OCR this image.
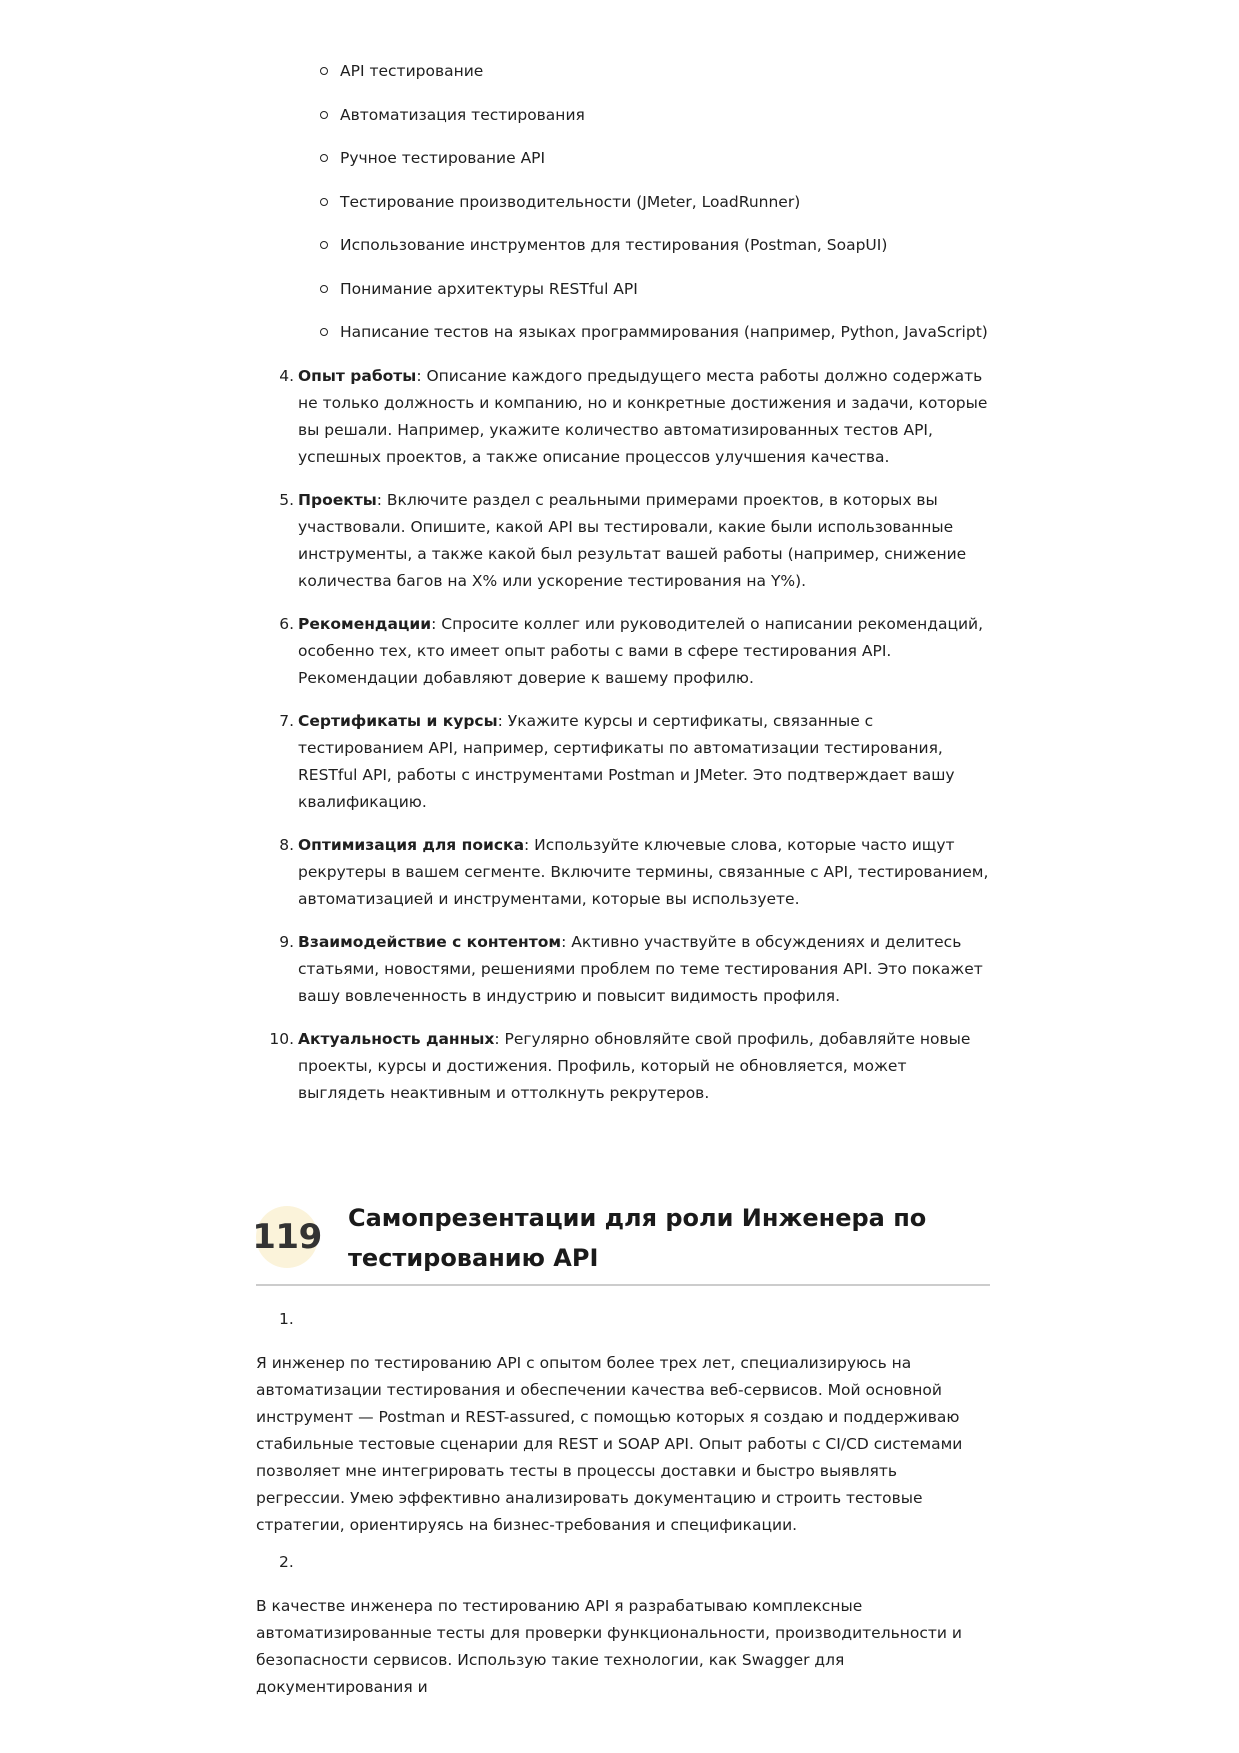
API тестирование
Автоматизация тестирования
Ручное тестирование API
Тестирование производительности (JMeter, LoadRunner)
Использование инструментов для тестирования (Postman, SoapUI)
Понимание архитектуры RESTful API
Написание тестов на языках программирования (например, Python, JavaScript)
4. Опыт работы: Описание каждого предыдущего места работы должно содержать не только должность и компанию, но и конкретные достижения и задачи, которые вы решали. Например, укажите количество автоматизированных тестов API, успешных проектов, а также описание процессов улучшения качества.
5. Проекты: Включите раздел с реальными примерами проектов, в которых вы участвовали. Опишите, какой API вы тестировали, какие были использованные инструменты, а также какой был результат вашей работы (например, снижение количества багов на X% или ускорение тестирования на Y%).
6. Рекомендации: Спросите коллег или руководителей о написании рекомендаций, особенно тех, кто имеет опыт работы с вами в сфере тестирования API. Рекомендации добавляют доверие к вашему профилю.
7. Сертификаты и курсы: Укажите курсы и сертификаты, связанные с тестированием API, например, сертификаты по автоматизации тестирования, RESTful API, работы с инструментами Postman и JMeter. Это подтверждает вашу квалификацию.
8. Оптимизация для поиска: Используйте ключевые слова, которые часто ищут рекрутеры в вашем сегменте. Включите термины, связанные с API, тестированием, автоматизацией и инструментами, которые вы используете.
9. Взаимодействие с контентом: Активно участвуйте в обсуждениях и делитесь статьями, новостями, решениями проблем по теме тестирования API. Это покажет вашу вовлеченность в индустрию и повысит видимость профиля.
10. Актуальность данных: Регулярно обновляйте свой профиль, добавляйте новые проекты, курсы и достижения. Профиль, который не обновляется, может выглядеть неактивным и оттолкнуть рекрутеров.
119 Самопрезентации для роли Инженера по тестированию API
1.

Я инженер по тестированию API с опытом более трех лет, специализируюсь на автоматизации тестирования и обеспечении качества веб-сервисов. Мой основной инструмент — Postman и REST-assured, с помощью которых я создаю и поддерживаю стабильные тестовые сценарии для REST и SOAP API. Опыт работы с CI/CD системами позволяет мне интегрировать тесты в процессы доставки и быстро выявлять регрессии. Умею эффективно анализировать документацию и строить тестовые стратегии, ориентируясь на бизнес-требования и спецификации.

2.

В качестве инженера по тестированию API я разрабатываю комплексные автоматизированные тесты для проверки функциональности, производительности и безопасности сервисов. Использую такие технологии, как Swagger для документирования и
